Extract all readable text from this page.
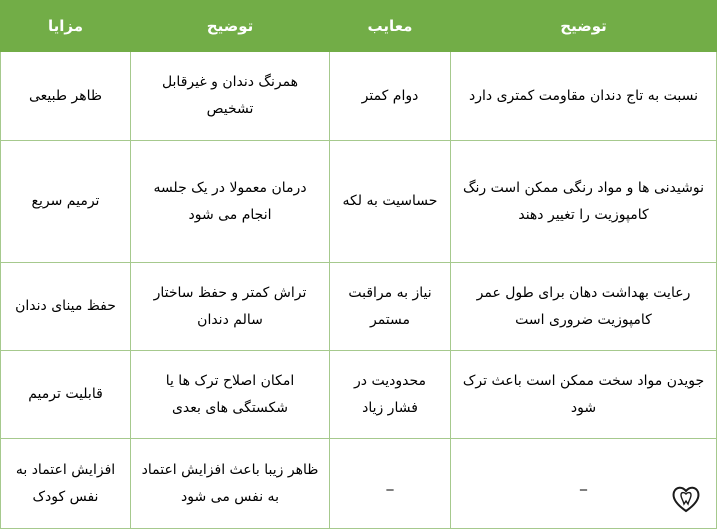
مزایا	توضیح	معایب	توضیح
ظاهر طبیعی	همرنگ دندان و غیرقابل تشخیص	دوام کمتر	نسبت به تاج دندان مقاومت کمتری دارد
ترمیم سریع	درمان معمولا در یک جلسه انجام می شود	حساسیت به لکه	نوشیدنی ها و مواد رنگی ممکن است رنگ کامپوزیت را تغییر دهند
حفظ مینای دندان	تراش کمتر و حفظ ساختار سالم دندان	نیاز به مراقبت مستمر	رعایت بهداشت دهان برای طول عمر کامپوزیت ضروری است
قابلیت ترمیم	امکان اصلاح ترک ها یا شکستگی های بعدی	محدودیت در فشار زیاد	جویدن مواد سخت ممکن است باعث ترک شود
افزایش اعتماد به نفس کودک	ظاهر زیبا باعث افزایش اعتماد به نفس می شود	_	_
